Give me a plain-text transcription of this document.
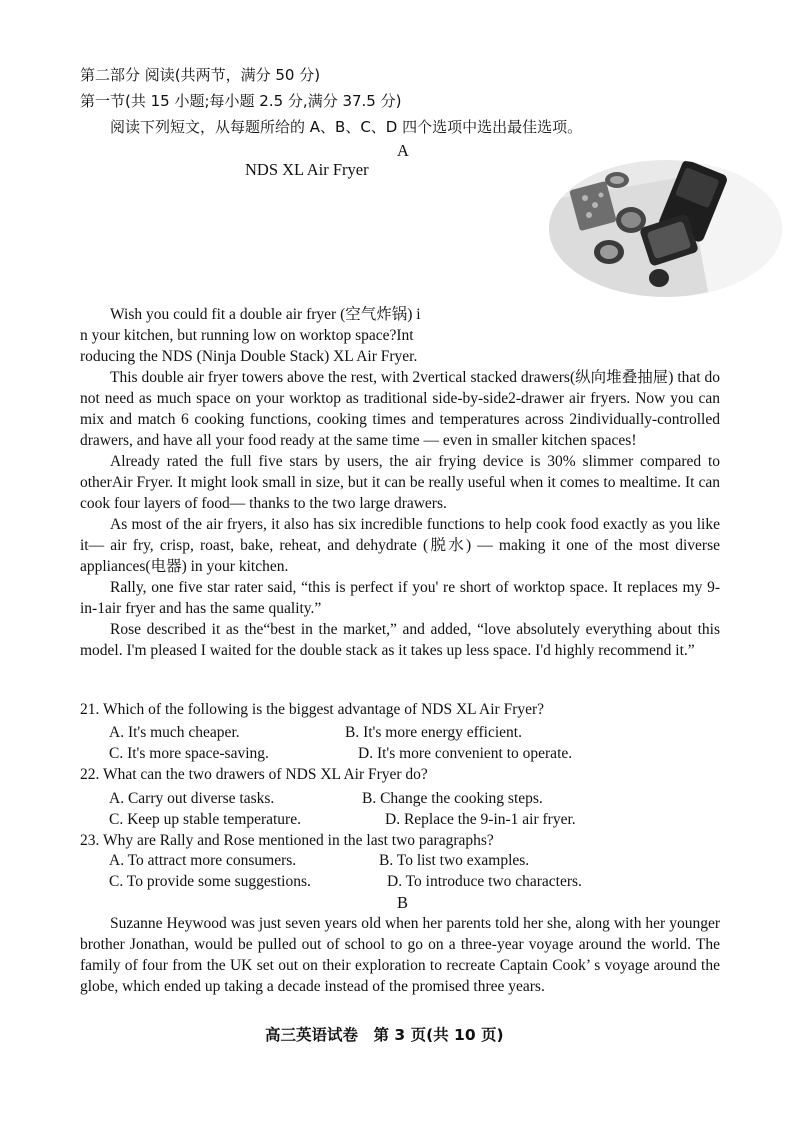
第二部分 阅读(共两节，满分 50 分)
第一节(共 15 小题;每小题 2.5 分,满分 37.5 分)
阅读下列短文，从每题所给的 A、B、C、D 四个选项中选出最佳选项。
A
NDS XL Air Fryer

Wish you could fit a double air fryer (空气炸锅) i
n your kitchen, but running low on worktop space?Int
roducing the NDS (Ninja Double Stack) XL Air Fryer.

This double air fryer towers above the rest, with 2vertical stacked drawers(纵向堆叠抽屉) that do not need as much space on your worktop as traditional side-by-side2-drawer air fryers. Now you can mix and match 6 cooking functions, cooking times and temperatures across 2individually-controlled drawers, and have all your food ready at the same time — even in smaller kitchen spaces!

Already rated the full five stars by users, the air frying device is 30% slimmer compared to otherAir Fryer. It might look small in size, but it can be really useful when it comes to mealtime. It can cook four layers of food— thanks to the two large drawers.

As most of the air fryers, it also has six incredible functions to help cook food exactly as you like it— air fry, crisp, roast, bake, reheat, and dehydrate (脱水) — making it one of the most diverse appliances(电器) in your kitchen.

Rally, one five star rater said, “this is perfect if you' re short of worktop space. It replaces my 9-in-1air fryer and has the same quality.”

Rose described it as the“best in the market,” and added, “love absolutely everything about this model. I'm pleased I waited for the double stack as it takes up less space. I'd highly recommend it.”

21. Which of the following is the biggest advantage of NDS XL Air Fryer?
A. It's much cheaper.	B. It's more energy efficient.
C. It's more space-saving.	D. It's more convenient to operate.
22. What can the two drawers of NDS XL Air Fryer do?
A. Carry out diverse tasks.	B. Change the cooking steps.
C. Keep up stable temperature.	D. Replace the 9-in-1 air fryer.
23. Why are Rally and Rose mentioned in the last two paragraphs?
A. To attract more consumers.	B. To list two examples.
C. To provide some suggestions.	D. To introduce two characters.
B

Suzanne Heywood was just seven years old when her parents told her she, along with her younger brother Jonathan, would be pulled out of school to go on a three-year voyage around the world. The family of four from the UK set out on their exploration to recreate Captain Cook’ s voyage around the globe, which ended up taking a decade instead of the promised three years.

高三英语试卷　第 3 页(共 10 页)
